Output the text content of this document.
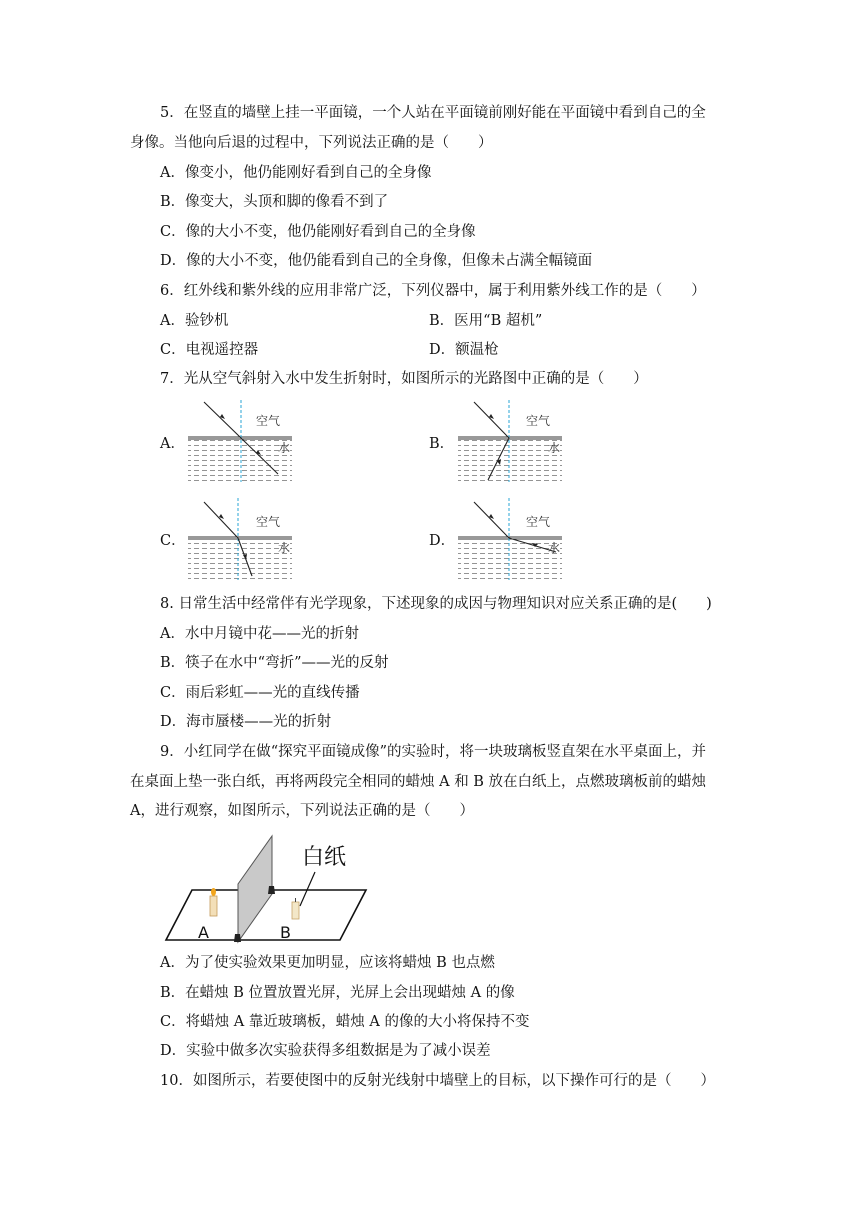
5．在竖直的墙壁上挂一平面镜，一个人站在平面镜前刚好能在平面镜中看到自己的全
身像。当他向后退的过程中，下列说法正确的是（　　）
A．像变小，他仍能刚好看到自己的全身像
B．像变大，头顶和脚的像看不到了
C．像的大小不变，他仍能刚好看到自己的全身像
D．像的大小不变，他仍能看到自己的全身像，但像未占满全幅镜面
6．红外线和紫外线的应用非常广泛，下列仪器中，属于利用紫外线工作的是（　　）
A．验钞机	B．医用“B 超机”
C．电视遥控器	D．额温枪
7．光从空气斜射入水中发生折射时，如图所示的光路图中正确的是（　　）
A．	B．
C．	D．
空气
水
空气
水
空气
水
空气
水
8. 日常生活中经常伴有光学现象，下述现象的成因与物理知识对应关系正确的是(　　)
A．水中月镜中花——光的折射
B．筷子在水中“弯折”——光的反射
C．雨后彩虹——光的直线传播
D．海市蜃楼——光的折射
9．小红同学在做“探究平面镜成像”的实验时，将一块玻璃板竖直架在水平桌面上，并
在桌面上垫一张白纸，再将两段完全相同的蜡烛 A 和 B 放在白纸上，点燃玻璃板前的蜡烛
A，进行观察，如图所示，下列说法正确的是（　　）
白纸
A	B
A．为了使实验效果更加明显，应该将蜡烛 B 也点燃
B．在蜡烛 B 位置放置光屏，光屏上会出现蜡烛 A 的像
C．将蜡烛 A 靠近玻璃板，蜡烛 A 的像的大小将保持不变
D．实验中做多次实验获得多组数据是为了减小误差
10．如图所示，若要使图中的反射光线射中墙壁上的目标，以下操作可行的是（　　）
